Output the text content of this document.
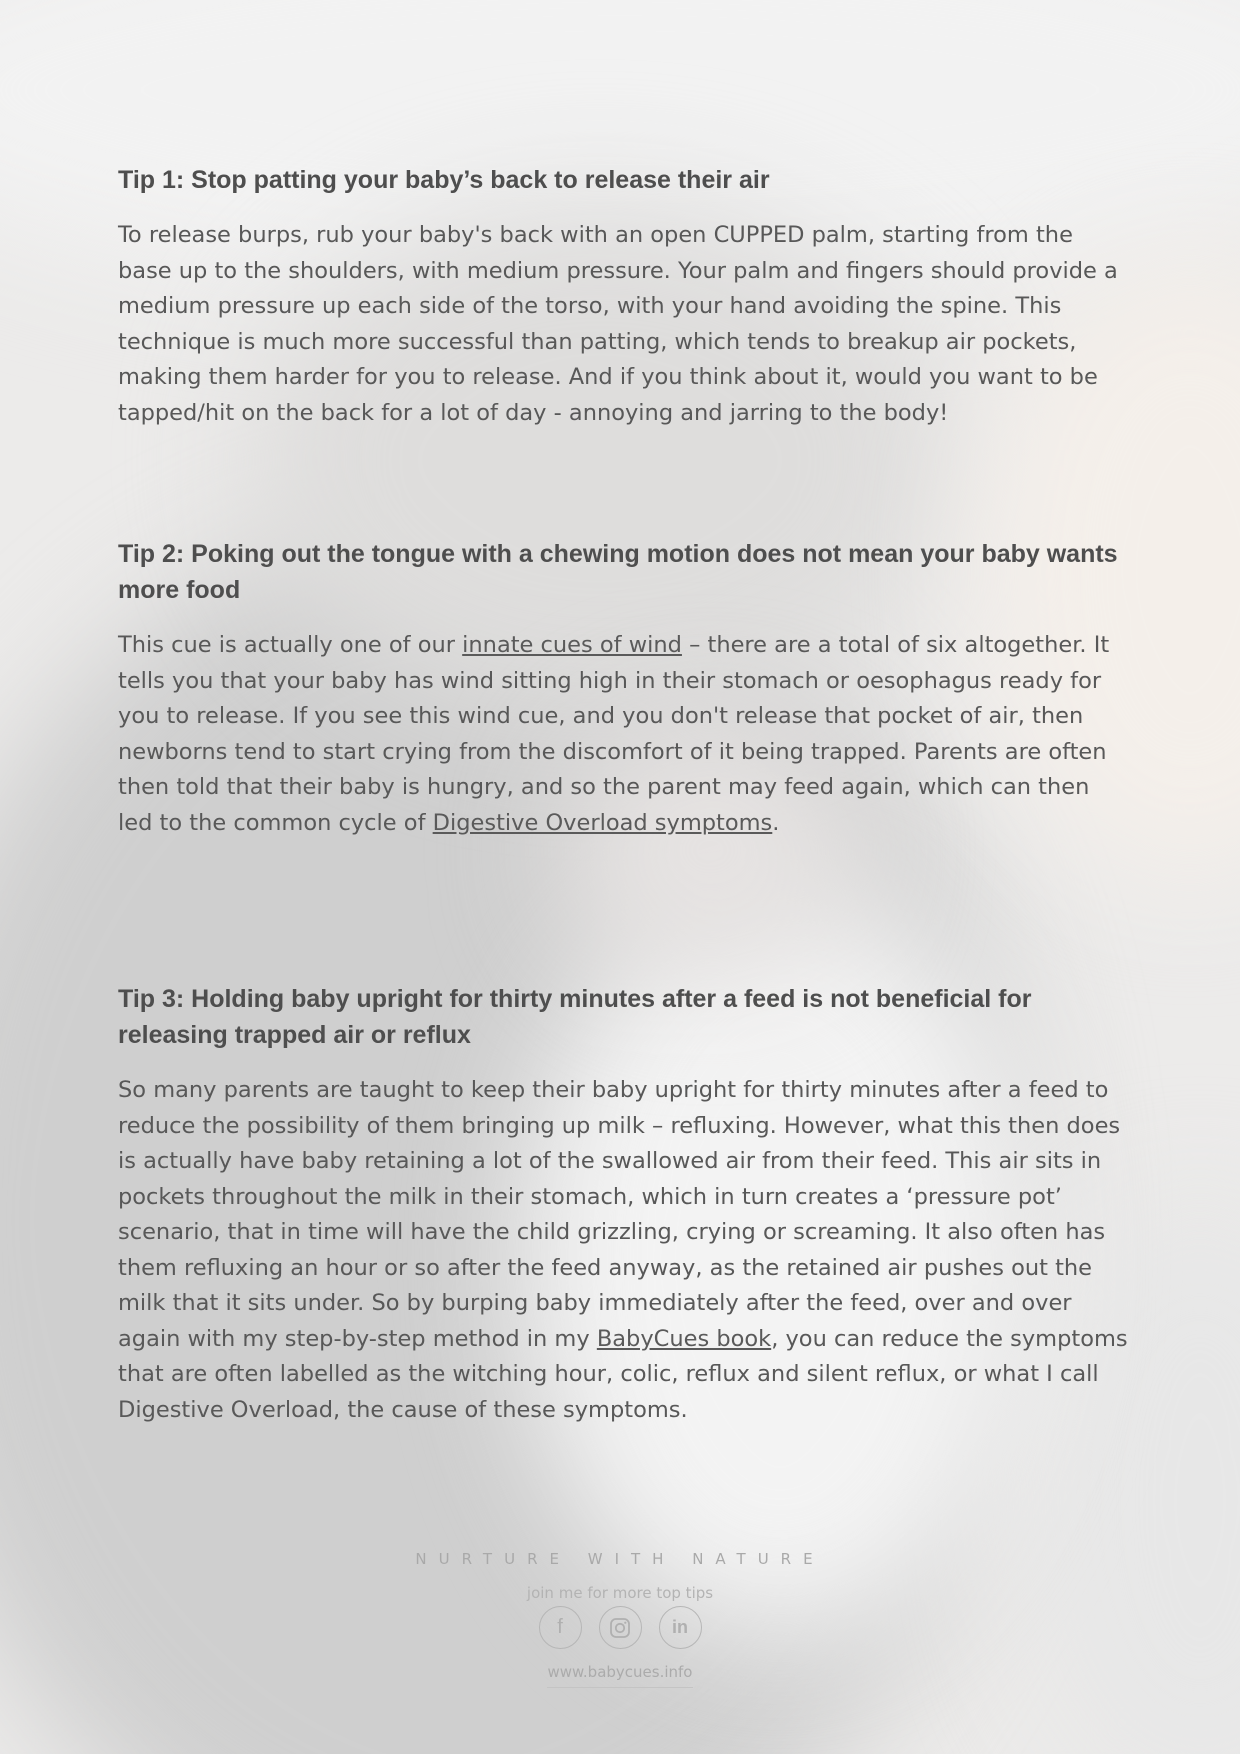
Tip 1: Stop patting your baby’s back to release their air

To release burps, rub your baby's back with an open CUPPED palm, starting from the base up to the shoulders, with medium pressure. Your palm and fingers should provide a medium pressure up each side of the torso, with your hand avoiding the spine. This technique is much more successful than patting, which tends to breakup air pockets, making them harder for you to release. And if you think about it, would you want to be tapped/hit on the back for a lot of day - annoying and jarring to the body!

Tip 2: Poking out the tongue with a chewing motion does not mean your baby wants more food

This cue is actually one of our innate cues of wind – there are a total of six altogether. It tells you that your baby has wind sitting high in their stomach or oesophagus ready for you to release. If you see this wind cue, and you don't release that pocket of air, then newborns tend to start crying from the discomfort of it being trapped. Parents are often then told that their baby is hungry, and so the parent may feed again, which can then led to the common cycle of Digestive Overload symptoms.

Tip 3: Holding baby upright for thirty minutes after a feed is not beneficial for releasing trapped air or reflux

So many parents are taught to keep their baby upright for thirty minutes after a feed to reduce the possibility of them bringing up milk – refluxing. However, what this then does is actually have baby retaining a lot of the swallowed air from their feed. This air sits in pockets throughout the milk in their stomach, which in turn creates a ‘pressure pot’ scenario, that in time will have the child grizzling, crying or screaming. It also often has them refluxing an hour or so after the feed anyway, as the retained air pushes out the milk that it sits under. So by burping baby immediately after the feed, over and over again with my step-by-step method in my BabyCues book, you can reduce the symptoms that are often labelled as the witching hour, colic, reflux and silent reflux, or what I call Digestive Overload, the cause of these symptoms.

NURTURE WITH NATURE
join me for more top tips
f	in
www.babycues.info
